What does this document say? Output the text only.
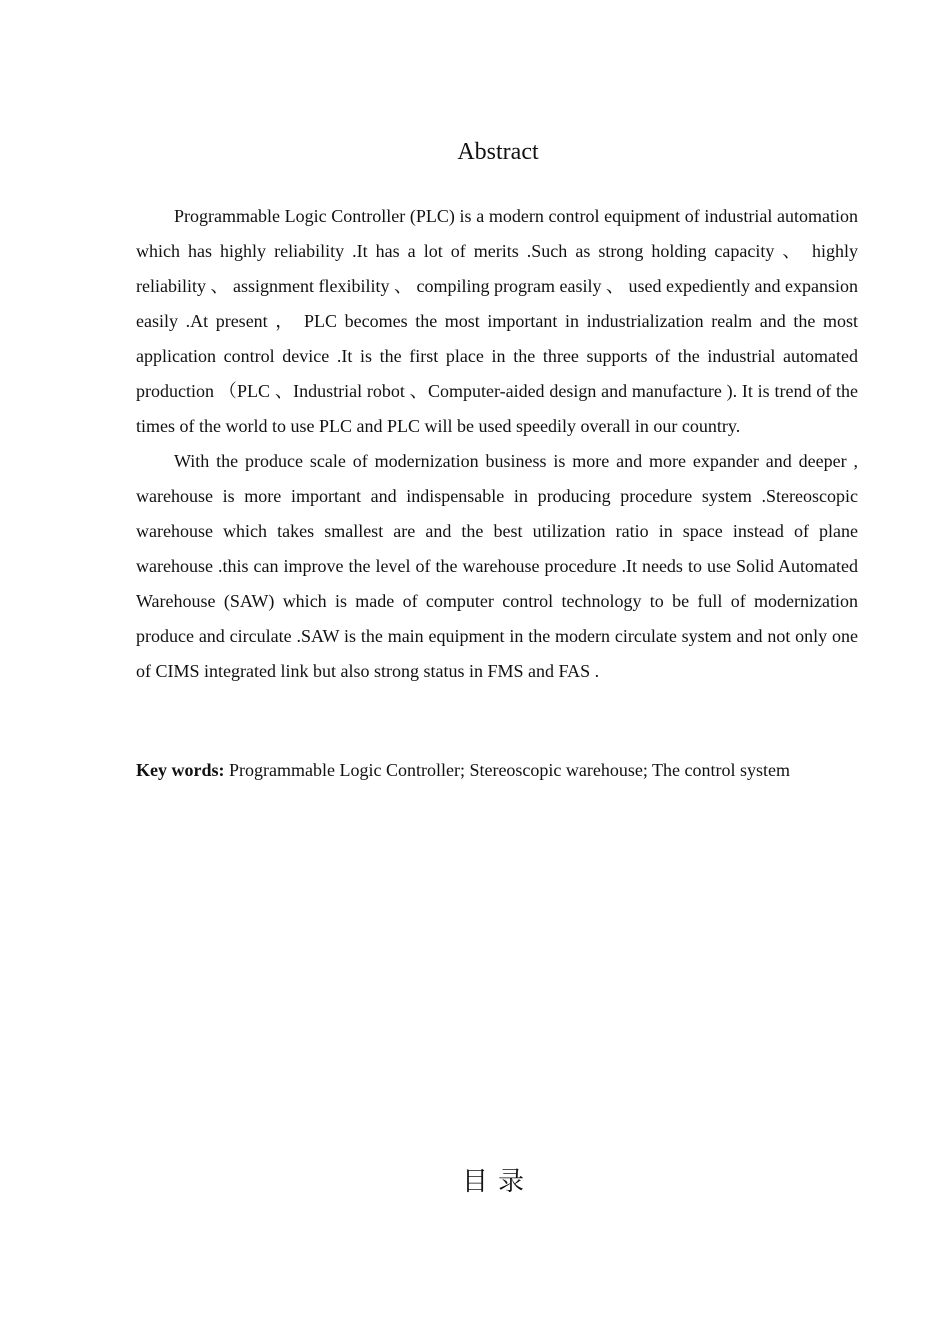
Abstract

Programmable Logic Controller (PLC) is a modern control equipment of industrial automation which has highly reliability .It has a lot of merits .Such as strong holding capacity 、 highly reliability 、 assignment flexibility 、 compiling program easily 、 used expediently and expansion easily .At present ， PLC becomes the most important in industrialization realm and the most application control device .It is the first place in the three supports of the industrial automated production （PLC 、Industrial robot 、Computer-aided design and manufacture ). It is trend of the times of the world to use PLC and PLC will be used speedily overall in our country.

With the produce scale of modernization business is more and more expander and deeper , warehouse is more important and indispensable in producing procedure system .Stereoscopic warehouse which takes smallest are and the best utilization ratio in space instead of plane warehouse .this can improve the level of the warehouse procedure .It needs to use Solid Automated Warehouse (SAW) which is made of computer control technology to be full of modernization produce and circulate .SAW is the main equipment in the modern circulate system and not only one of CIMS integrated link but also strong status in FMS and FAS .

Key words: Programmable Logic Controller; Stereoscopic warehouse; The control system

目录
